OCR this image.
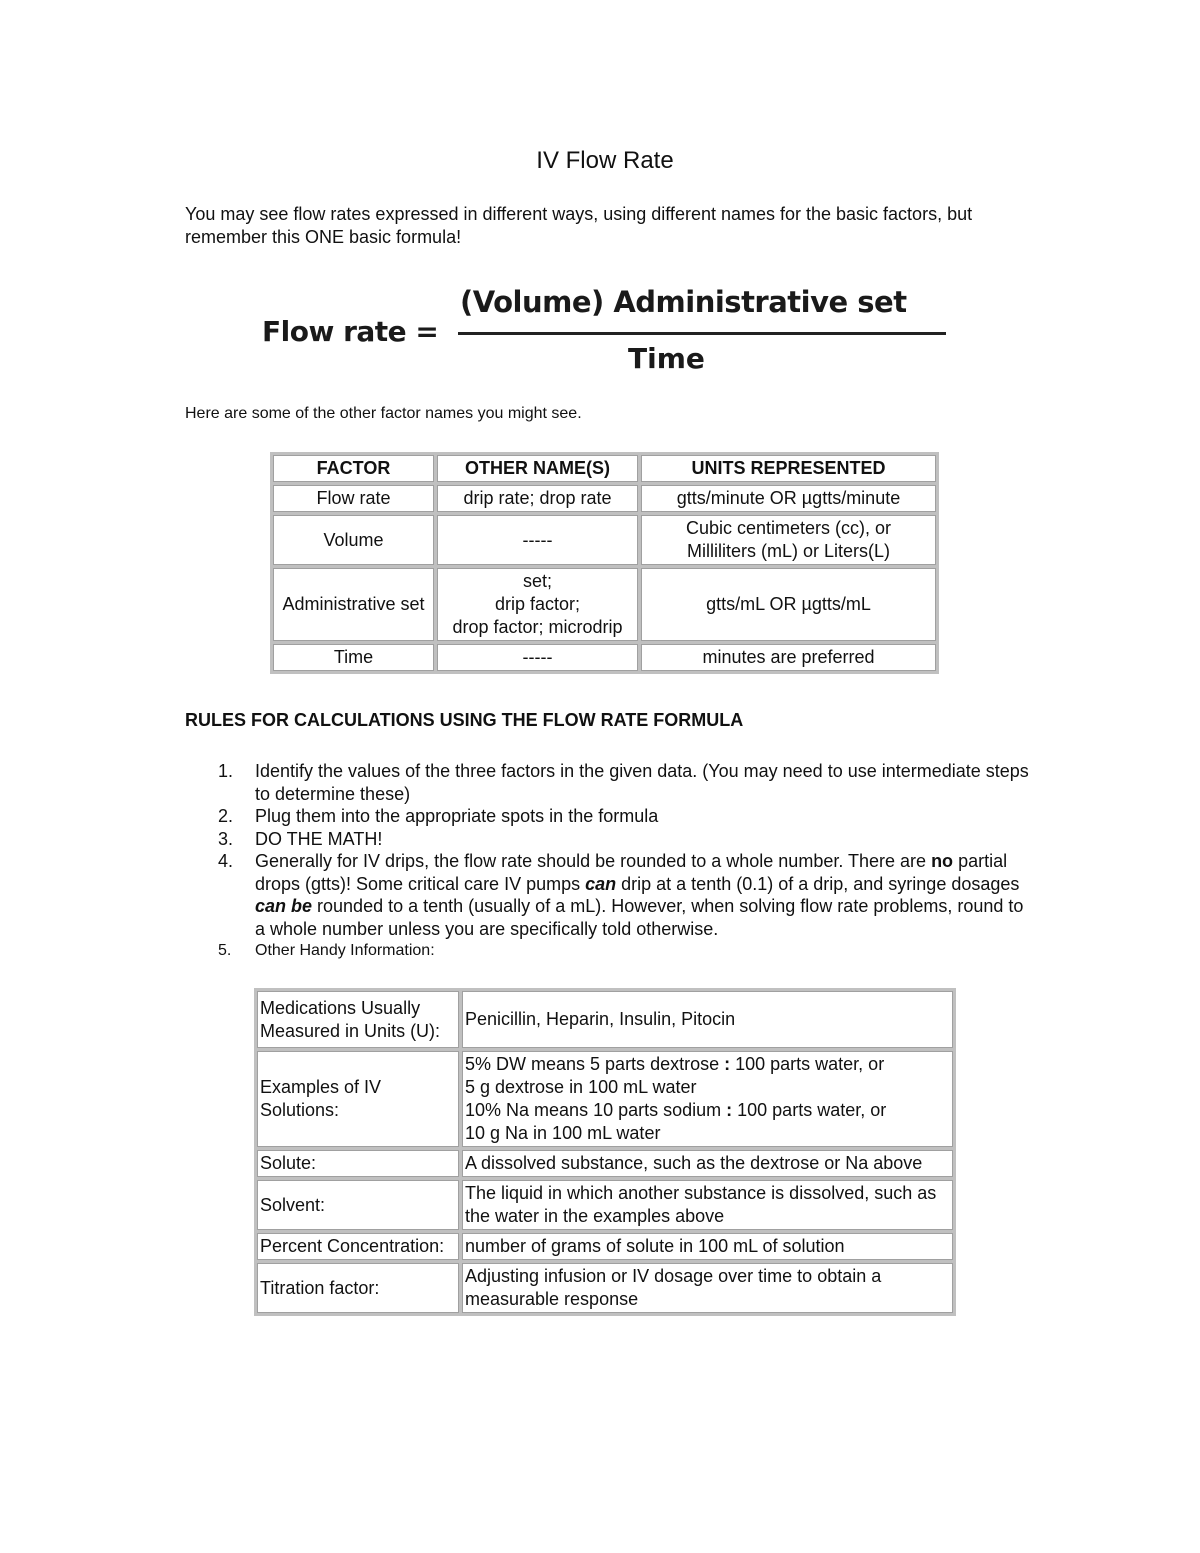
IV Flow Rate
You may see flow rates expressed in different ways, using different names for the basic factors, but remember this ONE basic formula!
Flow rate =
(Volume) Administrative set
Time
Here are some of the other factor names you might see.
FACTOR	OTHER NAME(S)	UNITS REPRESENTED
Flow rate	drip rate; drop rate	gtts/minute OR µgtts/minute
Volume	-----	Cubic centimeters (cc), or
Milliliters (mL) or Liters(L)

Administrative set	set;
drip factor;
drop factor; microdrip	gtts/mL OR µgtts/mL
Time	-----	minutes are preferred
RULES FOR CALCULATIONS USING THE FLOW RATE FORMULA
1. Identify the values of the three factors in the given data. (You may need to use intermediate steps to determine these)
2. Plug them into the appropriate spots in the formula
3. DO THE MATH!
4. Generally for IV drips, the flow rate should be rounded to a whole number. There are no partial drops (gtts)! Some critical care IV pumps can drip at a tenth (0.1) of a drip, and syringe dosages can be rounded to a tenth (usually of a mL). However, when solving flow rate problems, round to a whole number unless you are specifically told otherwise.
5. Other Handy Information:
Medications Usually Measured in Units (U):	Penicillin, Heparin, Insulin, Pitocin
Examples of IV Solutions:	5% DW means 5 parts dextrose : 100 parts water, or
5 g dextrose in 100 mL water
10% Na means 10 parts sodium : 100 parts water, or
10 g Na in 100 mL water

Solute:	A dissolved substance, such as the dextrose or Na above
Solvent:	The liquid in which another substance is dissolved, such as the water in the examples above
Percent Concentration:	number of grams of solute in 100 mL of solution
Titration factor:	Adjusting infusion or IV dosage over time to obtain a measurable response
